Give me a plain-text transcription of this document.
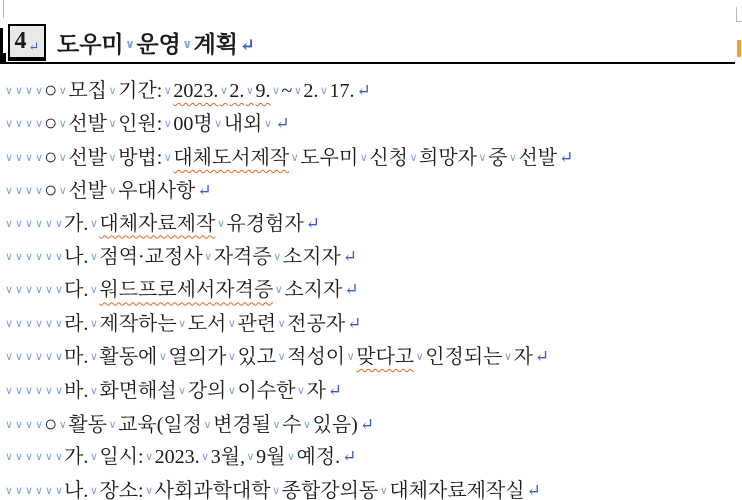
4 ↵ 도우미 ∨운영 ∨계획 ↵
∨ ∨ ∨ ∨○ ∨모집 ∨기간: ∨2023. ∨2. ∨9. ∨~ ∨2. ∨17. ↵
∨ ∨ ∨ ∨○ ∨선발 ∨인원: ∨00명 ∨내외 ∨ ↵
∨ ∨ ∨ ∨○ ∨선발 ∨방법: ∨대체도서제작 ∨도우미 ∨신청 ∨희망자 ∨중 ∨선발 ↵
∨ ∨ ∨ ∨○ ∨선발 ∨우대사항 ↵
∨ ∨ ∨ ∨ ∨ ∨가. ∨대체자료제작 ∨유경험자 ↵
∨ ∨ ∨ ∨ ∨ ∨나. ∨점역·교정사 ∨자격증 ∨소지자 ↵
∨ ∨ ∨ ∨ ∨ ∨다. ∨워드프로세서자격증 ∨소지자 ↵
∨ ∨ ∨ ∨ ∨ ∨라. ∨제작하는 ∨도서 ∨관련 ∨전공자 ↵
∨ ∨ ∨ ∨ ∨ ∨마. ∨활동에 ∨열의가 ∨있고 ∨적성이 ∨맞다고 ∨인정되는 ∨자 ↵
∨ ∨ ∨ ∨ ∨ ∨바. ∨화면해설 ∨강의 ∨이수한 ∨자 ↵
∨ ∨ ∨ ∨○ ∨활동 ∨교육(일정 ∨변경될 ∨수 ∨있음) ↵
∨ ∨ ∨ ∨ ∨ ∨가. ∨일시: ∨2023. ∨3월, ∨9월 ∨예정. ↵
∨ ∨ ∨ ∨ ∨ ∨나. ∨장소: ∨사회과학대학 ∨종합강의동 ∨대체자료제작실 ↵
